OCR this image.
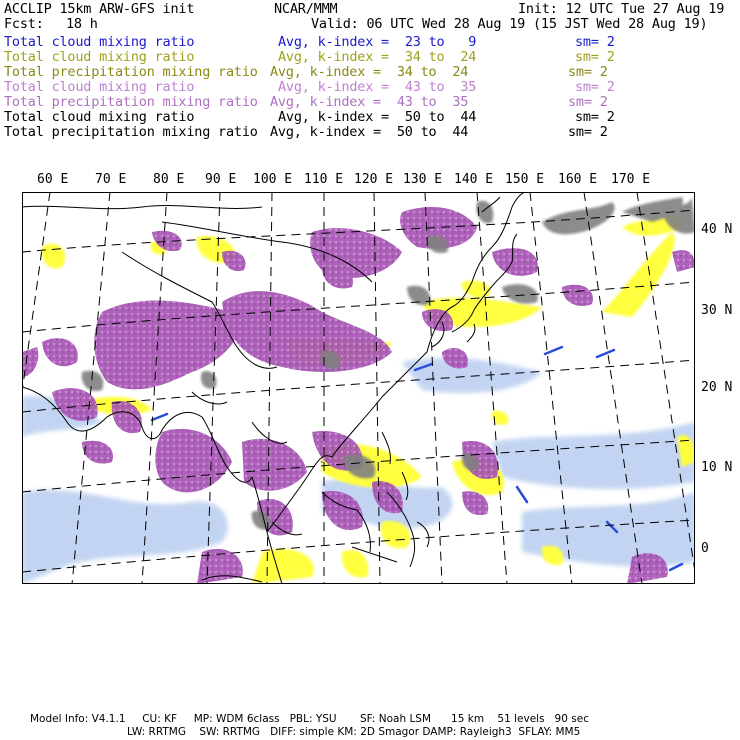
ACCLIP 15km ARW-GFS init	NCAR/MMM	Init: 12 UTC Tue 27 Aug 19
Fcst: 18 h	Valid: 06 UTC Wed 28 Aug 19 (15 JST Wed 28 Aug 19)
Total cloud mixing ratio	Avg, k-index =  23 to   9	sm= 2
Total cloud mixing ratio	Avg, k-index =  34 to  24	sm= 2
Total precipitation mixing ratio Avg, k-index =  34 to  24	sm= 2
Total cloud mixing ratio	Avg, k-index =  43 to  35	sm= 2
Total precipitation mixing ratio Avg, k-index =  43 to  35	sm= 2
Total cloud mixing ratio	Avg, k-index =  50 to  44	sm= 2
Total precipitation mixing ratio Avg, k-index =  50 to  44	sm= 2
60 E 70 E 80 E 90 E 100 E 110 E 120 E 130 E 140 E 150 E 160 E 170 E
40 N
30 N
20 N
10 N
0
Model Info: V4.1.1     CU: KF     MP: WDM 6class   PBL: YSU       SF: Noah LSM      15 km    51 levels   90 sec
LW: RRTMG    SW: RRTMG   DIFF: simple KM: 2D Smagor DAMP: Rayleigh3  SFLAY: MM5
